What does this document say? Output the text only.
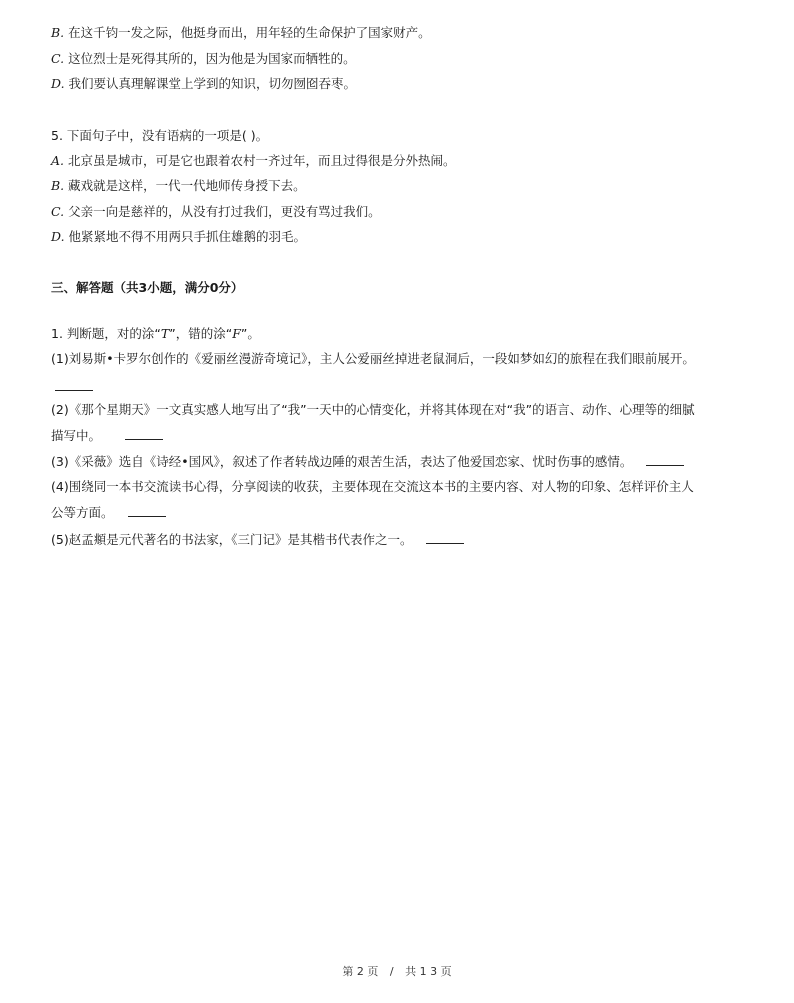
B. 在这千钧一发之际，他挺身而出，用年轻的生命保护了国家财产。
C. 这位烈士是死得其所的，因为他是为国家而牺牲的。
D. 我们要认真理解课堂上学到的知识，切勿囫囵吞枣。
5. 下面句子中，没有语病的一项是( )。
A. 北京虽是城市，可是它也跟着农村一齐过年，而且过得很是分外热闹。
B. 藏戏就是这样，一代一代地师传身授下去。
C. 父亲一向是慈祥的，从没有打过我们，更没有骂过我们。
D. 他紧紧地不得不用两只手抓住雄鹅的羽毛。
三、解答题（共3小题，满分0分）
1. 判断题，对的涂“T”，错的涂“F”。
(1)刘易斯•卡罗尔创作的《爱丽丝漫游奇境记》，主人公爱丽丝掉进老鼠洞后，一段如梦如幻的旅程在我们眼前展开。
(2)《那个星期天》一文真实感人地写出了“我”一天中的心情变化，并将其体现在对“我”的语言、动作、心理等的细腻
描写中。
(3)《采薇》选自《诗经•国风》，叙述了作者转战边陲的艰苦生活，表达了他爱国恋家、忧时伤事的感情。
(4)围绕同一本书交流读书心得，分享阅读的收获，主要体现在交流这本书的主要内容、对人物的印象、怎样评价主人
公等方面。
(5)赵孟頫是元代著名的书法家，《三门记》是其楷书代表作之一。
第 2 页 / 共 1 3 页
